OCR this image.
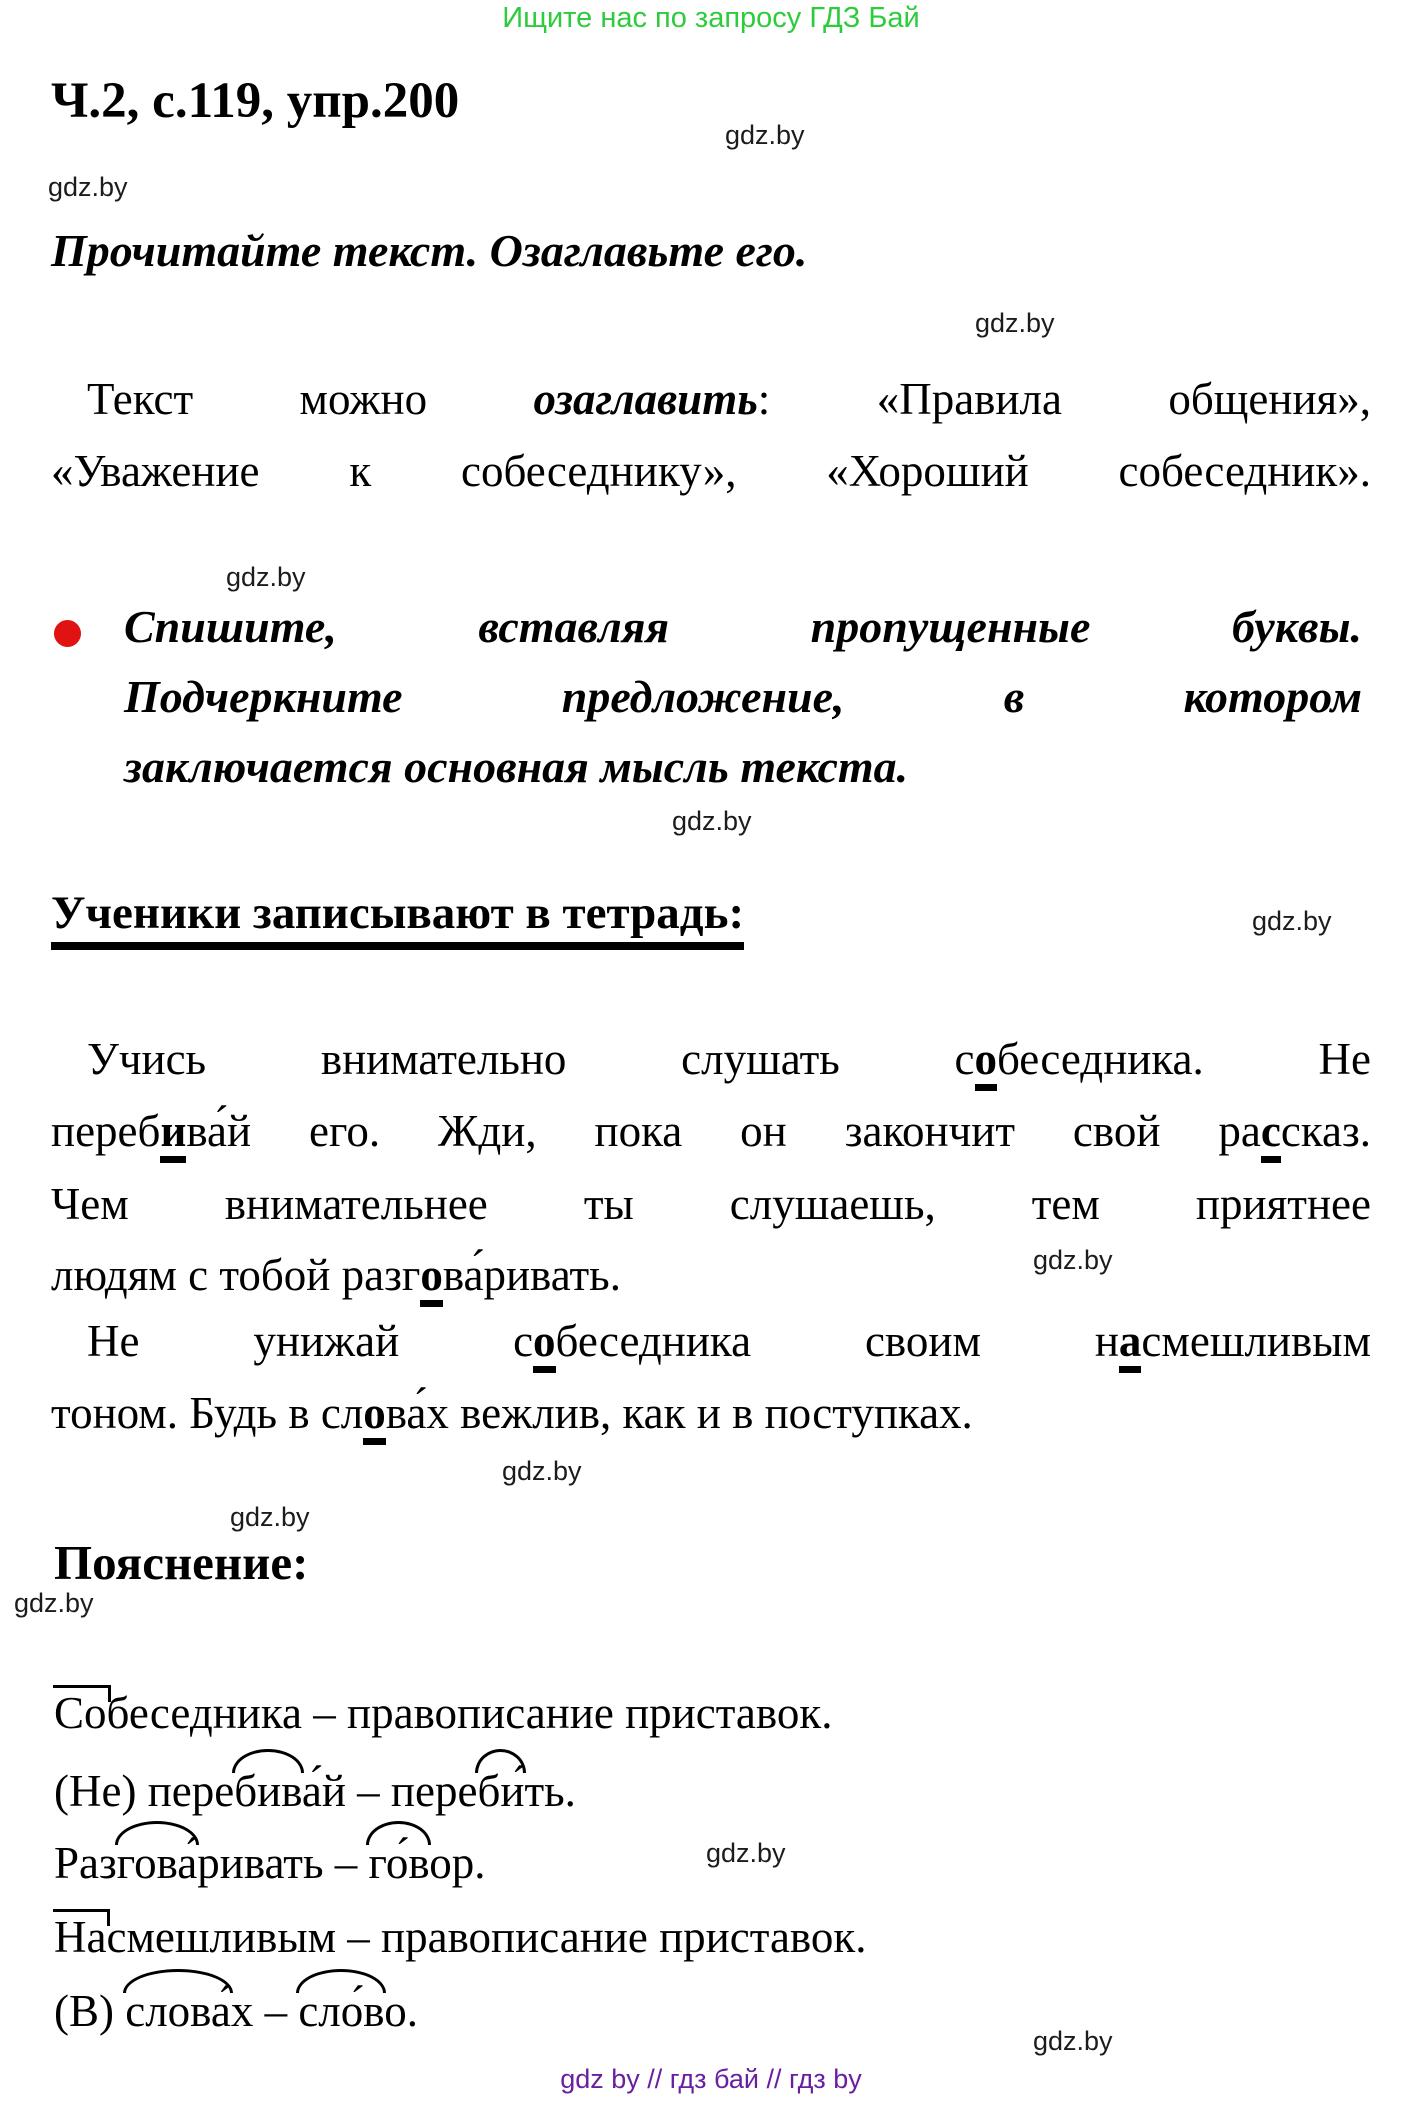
Ищите нас по запросу ГДЗ Бай
Ч.2, с.119, упр.200
gdz.by
gdz.by
gdz.by
gdz.by
gdz.by
gdz.by
gdz.by
gdz.by
gdz.by
gdz.by
gdz.by
gdz.by
Прочитайте текст. Озаглавьте его.
Текст можно озаглавить: «Правила общения»,
«Уважение к собеседнику», «Хороший собеседник».
Спишите, вставляя пропущенные буквы.
Подчеркните предложение, в котором
заключается основная мысль текста.
Ученики записывают в тетрадь:
Учись внимательно слушать собеседника. Не
перебива́й его. Жди, пока он закончит свой рассказ.
Чем внимательнее ты слушаешь, тем приятнее
людям с тобой разгова́ривать.
Не унижай собеседника своим насмешливым
тоном. Будь в слова́х вежлив, как и в поступках.
Пояснение:
Собеседника – правописание приставок.
(Не) перебива́й – переби́ть.
Разгова́ривать – го́вор.
Насмешливым – правописание приставок.
(В) слова́х – сло́во.
gdz by // гдз бай // гдз by
